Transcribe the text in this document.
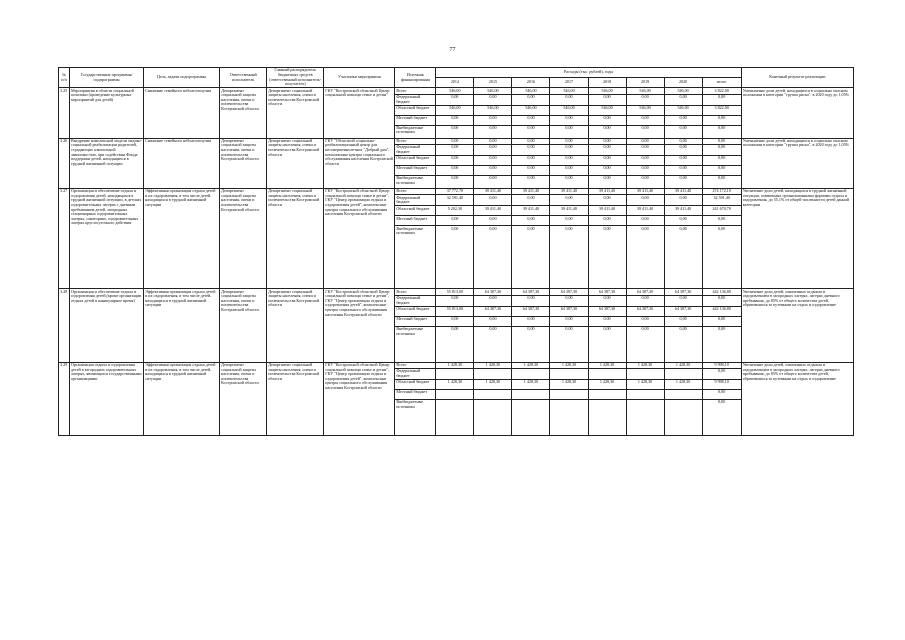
77
№ п/п	Государственные программы/подпрограммы	Цель, задачи подпрограммы	Ответственный исполнитель	Главный распорядитель бюджетных средств (ответственный исполнитель-получатель)	Участники мероприятия	Источник финансирования	Расходы (тыс. рублей), годы								Конечный результат реализации
							2014	2015	2016	2017	2018	2019	2020	итого	
3.25	Мероприятия в области социальной политики (проведение культурных мероприятий для детей)	Снижение семейного неблагополучия	Департамент социальной защиты населения, опеки и попечительства Костромской области	Департамент социальной защиты населения, опеки и попечительства Костромской области	ГКУ "Костромской областной Центр социальной помощи семье и детям"	Всего	546,00	546,00	546,00	546,00	546,00	546,00	546,00	3 822,00	Уменьшение доли детей, находящихся в социально опасном положении в категории "группа риска", в 2020 году до 1,05%
						Федеральный бюджет	0,00	0,00	0,00	0,00	0,00	0,00	0,00	0,00	
						Областной бюджет	546,00	546,00	546,00	546,00	546,00	546,00	546,00	3 822,00	
						Местный бюджет	0,00	0,00	0,00	0,00	0,00	0,00	0,00	0,00	
						Внебюджетные источники	0,00	0,00	0,00	0,00	0,00	0,00	0,00	0,00	
3.26	Внедрение комплексной модели медико-социальной реабилитации родителей, страдающих алкогольной зависимостью, при содействии Фонда поддержки детей, находящихся в трудной жизненной ситуации	Снижение семейного неблагополучия	Департамент социальной защиты населения, опеки и попечительства Костромской области	Департамент социальной защиты населения, опеки и попечительства Костромской области	ГКУ "Областной социально-реабилитационный центр для несовершеннолетних "Добрый дом", комплексные центры социального обслуживания населения Костромской области	Всего	0,00	0,00	0,00	0,00	0,00	0,00	0,00	0,00	Уменьшение доли детей, находящихся в социально опасном положении в категории "группа риска", в 2020 году до 1,05%
						Федеральный бюджет	0,00	0,00	0,00	0,00	0,00	0,00	0,00	0,00	
						Областной бюджет	0,00	0,00	0,00	0,00	0,00	0,00	0,00	0,00	
						Местный бюджет	0,00	0,00	0,00	0,00	0,00	0,00	0,00	0,00	
						Внебюджетные источники	0,00	0,00	0,00	0,00	0,00	0,00	0,00	0,00	
3.27	Организация и обеспечение отдыха и оздоровления детей, находящихся в трудной жизненной ситуации, в детских оздоровительных лагерях с дневным пребыванием детей, загородных стационарных оздоровительных лагерях, санаториях, оздоровительных лагерях круглосуточного действия	Эффективная организация отдыха детей и их оздоровления, в том числе детей, находящихся в трудной жизненной ситуации	Департамент социальной защиты населения, опеки и попечительства Костромской области	Департамент социальной защиты населения, опеки и попечительства Костромской области	ГКУ "Костромской областной Центр социальной помощи семье и детям", ГКУ "Центр организации отдыха и оздоровления детей", комплексные центры социального обслуживания населения Костромской области	Всего	37 772,70	39 411,40	39 411,40	39 411,40	39 411,40	39 411,40	39 411,40	274 172,10	Увеличение доли детей, находящихся в трудной жизненной ситуации, охваченных организованными формами отдыха и оздоровления, до 55,1% от общей численности детей данной категории
						Федеральный бюджет	32 591,40	0,00	0,00	0,00	0,00	0,00	0,00	32 591,40	
						Областной бюджет	5 202,30	39 411,40	39 411,40	39 411,40	39 411,40	39 411,40	39 411,40	241 670,70	
						Местный бюджет	0,00	0,00	0,00	0,00	0,00	0,00	0,00	0,00	
						Внебюджетные источники	0,00	0,00	0,00	0,00	0,00	0,00	0,00	0,00	
3.28	Организация и обеспечение отдыха и оздоровления детей (кроме организации отдыха детей в каникулярное время)	Эффективная организация отдыха детей и их оздоровления, в том числе детей, находящихся в трудной жизненной ситуации	Департамент социальной защиты населения, опеки и попечительства Костромской области	Департамент социальной защиты населения, опеки и попечительства Костромской области	ГКУ "Костромской областной Центр социальной помощи семье и детям", ГКУ "Центр организации отдыха и оздоровления детей", комплексные центры социального обслуживания населения Костромской области	Всего	55 813,00	64 387,30	64 387,30	64 387,30	64 387,30	64 387,30	64 387,30	442 136,80	Увеличение доли детей, охваченных отдыхом и оздоровлением в загородных лагерях, лагерях дневного пребывания, до 85% от общего количества детей, обратившихся за путевками на отдых и оздоровление
						Федеральный бюджет	0,00	0,00	0,00	0,00	0,00	0,00	0,00	0,00	
						Областной бюджет	55 813,00	64 387,30	64 387,30	64 387,30	64 387,30	64 387,30	64 387,30	442 136,80	
						Местный бюджет	0,00	0,00	0,00	0,00	0,00	0,00	0,00	0,00	
						Внебюджетные источники	0,00	0,00	0,00	0,00	0,00	0,00	0,00	0,00	
3.29	Организация отдыха и оздоровления детей в загородных оздоровительных лагерях, являющихся государственными организациями	Эффективная организация отдыха детей и их оздоровления, в том числе детей, находящихся в трудной жизненной ситуации	Департамент социальной защиты населения, опеки и попечительства Костромской области	Департамент социальной защиты населения, опеки и попечительства Костромской области	ГКУ "Костромской областной Центр социальной помощи семье и детям", ГКУ "Центр организации отдыха и оздоровления детей", комплексные центры социального обслуживания населения Костромской области	Всего	1 428,30	1 428,30	1 428,30	1 428,30	1 428,30	1 428,30	1 428,30	9 998,10	Увеличение доли детей, охваченных отдыхом и оздоровлением в загородных лагерях, лагерях дневного пребывания, до 85% от общего количества детей, обратившихся за путевками на отдых и оздоровление
						Федеральный бюджет								0,00	
						Областной бюджет	1 428,30	1 428,30	1 428,30	1 428,30	1 428,30	1 428,30	1 428,30	9 998,10	
						Местный бюджет								0,00	
						Внебюджетные источники								0,00	
